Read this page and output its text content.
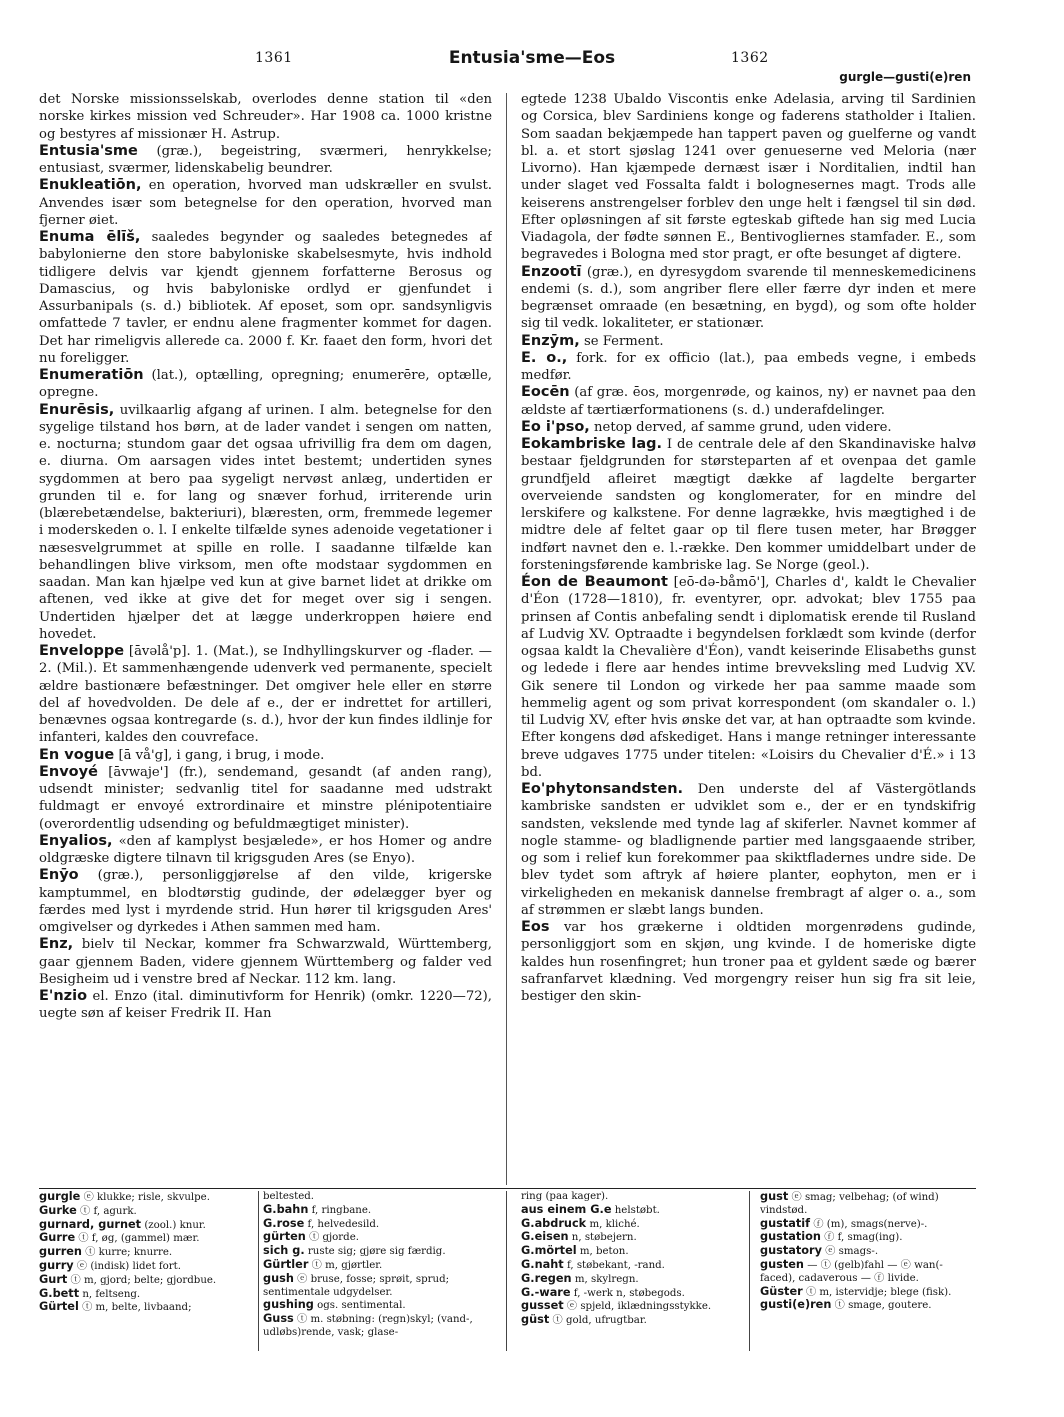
1361	Entusia'sme—Eos	1362
gurgle—gusti(e)ren

det Norske missionsselskab, overlodes denne station til «den norske kirkes mission ved Schreuder». Har 1908 ca. 1000 kristne og bestyres af missionær H. Astrup.

Entusia'sme (græ.), begeistring, sværmeri, henrykkelse; entusiast, sværmer, lidenskabelig beundrer.

Enukleatiōn, en operation, hvorved man udskræller en svulst. Anvendes især som betegnelse for den operation, hvorved man fjerner øiet.

Enuma ēlīš, saaledes begynder og saaledes betegnedes af babylonierne den store babyloniske skabelsesmyte, hvis indhold tidligere delvis var kjendt gjennem forfatterne Berosus og Damascius, og hvis babyloniske ordlyd er gjenfundet i Assurbanipals (s. d.) bibliotek. Af eposet, som opr. sandsynligvis omfattede 7 tavler, er endnu alene fragmenter kommet for dagen. Det har rimeligvis allerede ca. 2000 f. Kr. faaet den form, hvori det nu foreligger.

Enumeratiōn (lat.), optælling, opregning; enumerēre, optælle, opregne.

Enurēsis, uvilkaarlig afgang af urinen. I alm. betegnelse for den sygelige tilstand hos børn, at de lader vandet i sengen om natten, e. nocturna; stundom gaar det ogsaa ufrivillig fra dem om dagen, e. diurna. Om aarsagen vides intet bestemt; undertiden synes sygdommen at bero paa sygeligt nervøst anlæg, undertiden er grunden til e. for lang og snæver forhud, irriterende urin (blærebetændelse, bakteriuri), blæresten, orm, fremmede legemer i moderskeden o. l. I enkelte tilfælde synes adenoide vegetationer i næsesvelgrummet at spille en rolle. I saadanne tilfælde kan behandlingen blive virksom, men ofte modstaar sygdommen en saadan. Man kan hjælpe ved kun at give barnet lidet at drikke om aftenen, ved ikke at give det for meget over sig i sengen. Undertiden hjælper det at lægge underkroppen høiere end hovedet.

Enveloppe [āvəlå'p]. 1. (Mat.), se Indhyllingskurver og -flader. — 2. (Mil.). Et sammenhængende udenverk ved permanente, specielt ældre bastionære befæstninger. Det omgiver hele eller en større del af hovedvolden. De dele af e., der er indrettet for artilleri, benævnes ogsaa kontregarde (s. d.), hvor der kun findes ildlinje for infanteri, kaldes den couvreface.

En vogue [ā vå'g], i gang, i brug, i mode.

Envoyé [āvwaje'] (fr.), sendemand, gesandt (af anden rang), udsendt minister; sedvanlig titel for saadanne med udstrakt fuldmagt er envoyé extrordinaire et minstre plénipotentiaire (overordentlig udsending og befuldmægtiget minister).

Enyalios, «den af kamplyst besjælede», er hos Homer og andre oldgræske digtere tilnavn til krigsguden Ares (se Enyo).

Enȳo (græ.), personliggjørelse af den vilde, krigerske kamptummel, en blodtørstig gudinde, der ødelægger byer og færdes med lyst i myrdende strid. Hun hører til krigsguden Ares' omgivelser og dyrkedes i Athen sammen med ham.

Enz, bielv til Neckar, kommer fra Schwarzwald, Württemberg, gaar gjennem Baden, videre gjennem Württemberg og falder ved Besigheim ud i venstre bred af Neckar. 112 km. lang.

E'nzio el. Enzo (ital. diminutivform for Henrik) (omkr. 1220—72), uegte søn af keiser Fredrik II. Han

egtede 1238 Ubaldo Viscontis enke Adelasia, arving til Sardinien og Corsica, blev Sardiniens konge og faderens statholder i Italien. Som saadan bekjæmpede han tappert paven og guelferne og vandt bl. a. et stort sjøslag 1241 over genueserne ved Meloria (nær Livorno). Han kjæmpede dernæst især i Norditalien, indtil han under slaget ved Fossalta faldt i bolognesernes magt. Trods alle keiserens anstrengelser forblev den unge helt i fængsel til sin død. Efter opløsningen af sit første egteskab giftede han sig med Lucia Viadagola, der fødte sønnen E., Bentivogliernes stamfader. E., som begravedes i Bologna med stor pragt, er ofte besunget af digtere.

Enzootī (græ.), en dyresygdom svarende til menneskemedicinens endemi (s. d.), som angriber flere eller færre dyr inden et mere begrænset omraade (en besætning, en bygd), og som ofte holder sig til vedk. lokaliteter, er stationær.

Enzȳm, se Ferment.

E. o., fork. for ex officio (lat.), paa embeds vegne, i embeds medfør.

Eocēn (af græ. ēos, morgenrøde, og kainos, ny) er navnet paa den ældste af tærtiærformationens (s. d.) underafdelinger.

Eo i'pso, netop derved, af samme grund, uden videre.

Eokambriske lag. I de centrale dele af den Skandinaviske halvø bestaar fjeldgrunden for størsteparten af et ovenpaa det gamle grundfjeld afleiret mægtigt dække af lagdelte bergarter overveiende sandsten og konglomerater, for en mindre del lerskifere og kalkstene. For denne lagrække, hvis mægtighed i de midtre dele af feltet gaar op til flere tusen meter, har Brøgger indført navnet den e. l.-række. Den kommer umiddelbart under de forsteningsførende kambriske lag. Se Norge (geol.).

Éon de Beaumont [eō-də-båmō'], Charles d', kaldt le Chevalier d'Éon (1728—1810), fr. eventyrer, opr. advokat; blev 1755 paa prinsen af Contis anbefaling sendt i diplomatisk erende til Rusland af Ludvig XV. Optraadte i begyndelsen forklædt som kvinde (derfor ogsaa kaldt la Chevalière d'Éon), vandt keiserinde Elisabeths gunst og ledede i flere aar hendes intime brevveksling med Ludvig XV. Gik senere til London og virkede her paa samme maade som hemmelig agent og som privat korrespondent (om skandaler o. l.) til Ludvig XV, efter hvis ønske det var, at han optraadte som kvinde. Efter kongens død afskediget. Hans i mange retninger interessante breve udgaves 1775 under titelen: «Loisirs du Chevalier d'É.» i 13 bd.

Eo'phytonsandsten. Den underste del af Västergötlands kambriske sandsten er udviklet som e., der er en tyndskifrig sandsten, vekslende med tynde lag af skiferler. Navnet kommer af nogle stamme- og bladlignende partier med langsgaaende striber, og som i relief kun forekommer paa skiktfladernes undre side. De blev tydet som aftryk af høiere planter, eophyton, men er i virkeligheden en mekanisk dannelse frembragt af alger o. a., som af strømmen er slæbt langs bunden.

Eos var hos grækerne i oldtiden morgenrødens gudinde, personliggjort som en skjøn, ung kvinde. I de homeriske digte kaldes hun rosenfingret; hun troner paa et gyldent sæde og bærer safranfarvet klædning. Ved morgengry reiser hun sig fra sit leie, bestiger den skin-

gurgle ⓔ klukke; risle, skvulpe.

Gurke ⓣ f, agurk.

gurnard, gurnet (zool.) knur.

Gurre ⓣ f, øg, (gammel) mær.

gurren ⓣ kurre; knurre.

gurry ⓔ (indisk) lidet fort.

Gurt ⓣ m, gjord; belte; gjordbue.

G.bett n, feltseng.

Gürtel ⓣ m, belte, livbaand;

beltested.

G.bahn f, ringbane.

G.rose f, helvedesild.

gürten ⓣ gjorde.

sich g. ruste sig; gjøre sig færdig.

Gürtler ⓣ m, gjørtler.

gush ⓔ bruse, fosse; sprøit, sprud; sentimentale udgydelser.

gushing ogs. sentimental.

Guss ⓣ m. støbning: (regn)skyl; (vand-, udløbs)rende, vask; glase-

ring (paa kager).

aus einem G.e helstøbt.

G.abdruck m, kliché.

G.eisen n, støbejern.

G.mörtel m, beton.

G.naht f, støbekant, -rand.

G.regen m, skylregn.

G.-ware f, -werk n, støbegods.

gusset ⓔ spjeld, iklædningsstykke.

güst ⓣ gold, ufrugtbar.

gust ⓔ smag; velbehag; (of wind) vindstød.

gustatif ⓕ (m), smags(nerve)-.

gustation ⓕ f, smag(ing).

gustatory ⓔ smags-.

gusten — ⓣ (gelb)fahl — ⓔ wan(-faced), cadaverous — ⓕ livide.

Güster ⓣ m, istervidje; blege (fisk).

gusti(e)ren ⓣ smage, goutere.
